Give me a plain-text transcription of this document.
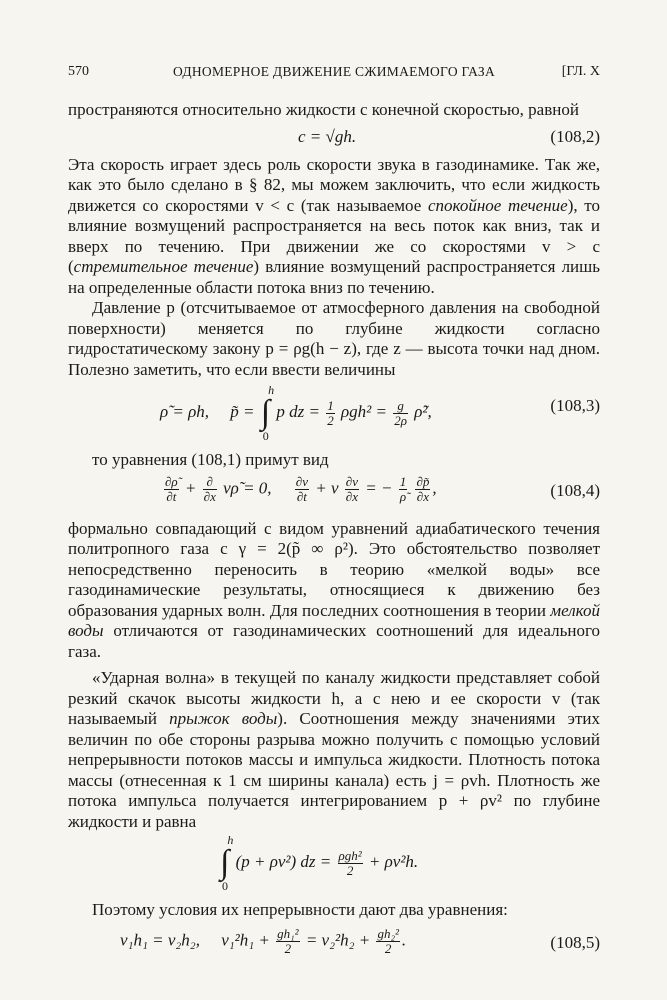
570	ОДНОМЕРНОЕ ДВИЖЕНИЕ СЖИМАЕМОГО ГАЗА	[ГЛ. X

пространяются относительно жидкости с конечной скоростью, равной

c = √gh.	(108,2)

Эта скорость играет здесь роль скорости звука в газодинамике. Так же, как это было сделано в § 82, мы можем заключить, что если жидкость движется со скоростями v < c (так называемое спокойное течение), то влияние возмущений распространяется на весь поток как вниз, так и вверх по течению. При движении же со скоростями v > c (стремительное течение) влияние возмущений распространяется лишь на определенные области потока вниз по течению.

Давление p (отсчитываемое от атмосферного давления на свободной поверхности) меняется по глубине жидкости согласно гидростатическому закону p = ρg(h − z), где z — высота точки над дном. Полезно заметить, что если ввести величины

ρ̃ = ρh, p̃ = ∫
h
0
p dz = $\frac{1}{2} \rho gh^2 = \frac{g}{2\rho}$ ρ̃²,	(108,3)

то уравнения (108,1) примут вид

$\frac{\partial\rhõ}{\partial t} + \frac{\partial}{\partial x}$ vρ̃ = 0, $\frac{\partial v}{\partial t} + v \frac{\partial v}{\partial x}$ = − $\frac{1}{\rhõ}$
$\frac{\partial p̃}{\partial x}$ ,	(108,4)

формально совпадающий с видом уравнений адиабатического течения политропного газа с γ = 2(p̃ ∞ ρ²). Это обстоятельство позволяет непосредственно переносить в теорию «мелкой воды» все газодинамические результаты, относящиеся к движению без образования ударных волн. Для последних соотношения в теории мелкой воды отличаются от газодинамических соотношений для идеального газа.

«Ударная волна» в текущей по каналу жидкости представляет собой резкий скачок высоты жидкости h, а с нею и ее скорости v (так называемый прыжок воды). Соотношения между значениями этих величин по обе стороны разрыва можно получить с помощью условий непрерывности потоков массы и импульса жидкости. Плотность потока массы (отнесенная к 1 см ширины канала) есть j = ρvh. Плотность же потока импульса получается интегрированием p + ρv² по глубине жидкости и равна

∫
h
0
(p + ρv²) dz = $\frac{\text{ρgh²}}{2} + \rho v^2h$.

Поэтому условия их непрерывности дают два уравнения:

v₁h₁ = v₂h₂, $v_1^2h_1 + \frac{\text{gh₁²}}{2} = v_2^2h_2 + \frac{\text{gh₂²}}{2}$ .	(108,5)
